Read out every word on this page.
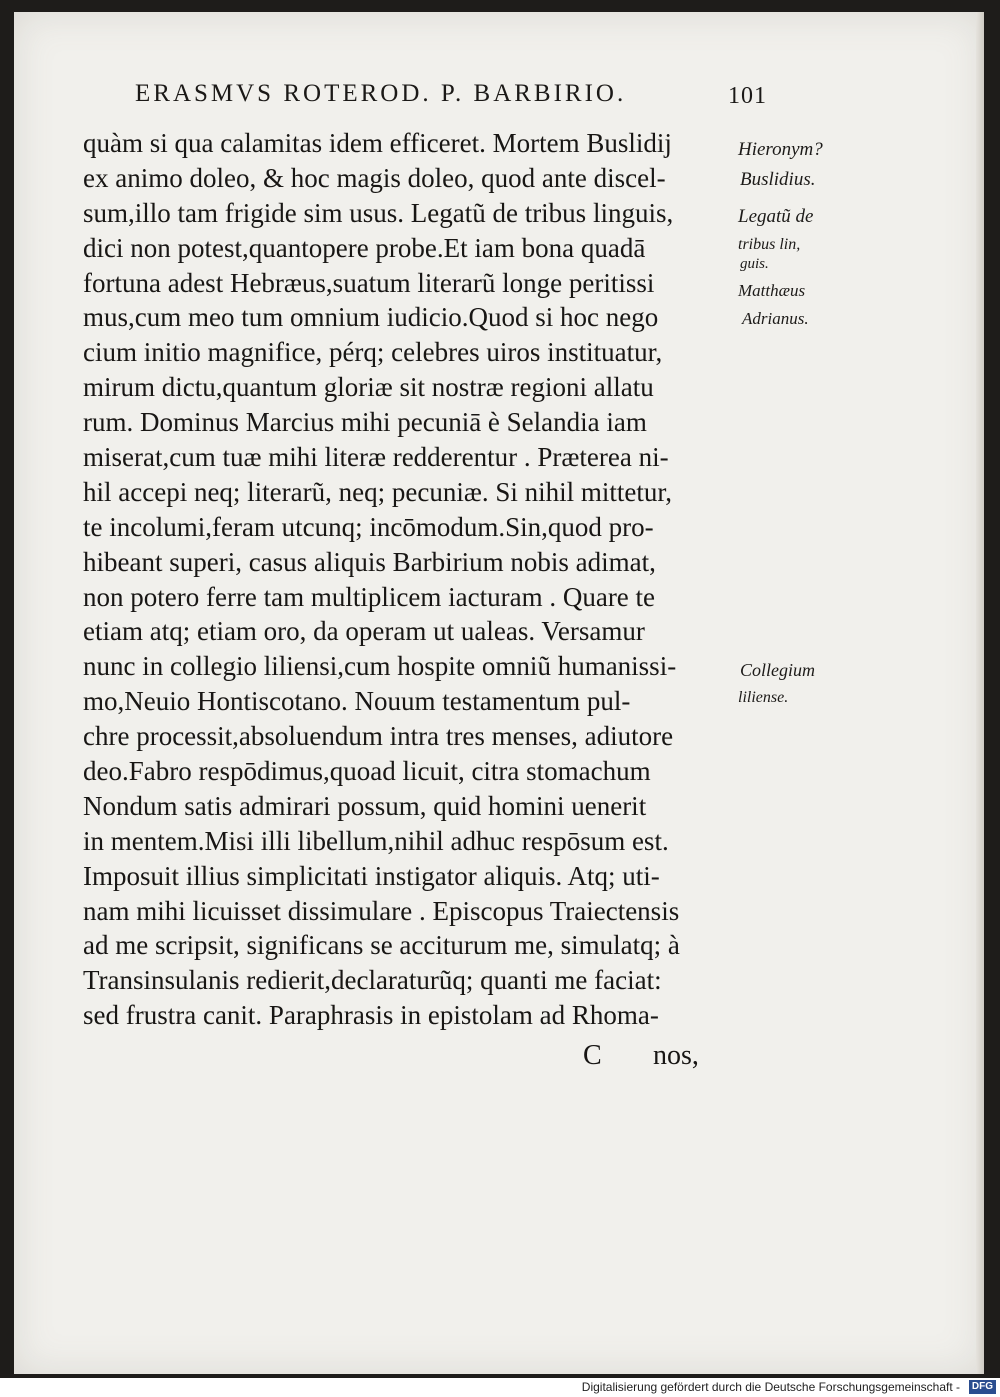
ERASMVS ROTEROD. P. BARBIRIO.	101
quàm si qua calamitas idem efficeret. Mortem Buslidij
ex animo doleo, & hoc magis doleo, quod ante discel-
sum,illo tam frigide sim usus. Legatũ de tribus linguis,
dici non potest,quantopere probe.Et iam bona quadā
fortuna adest Hebræus,suatum literarũ longe peritissi
mus,cum meo tum omnium iudicio.Quod si hoc nego
cium initio magnifice, pérq; celebres uiros instituatur,
mirum dictu,quantum gloriæ sit nostræ regioni allatu
rum. Dominus Marcius mihi pecuniā è Selandia iam
miserat,cum tuæ mihi literæ redderentur . Præterea ni-
hil accepi neq; literarũ, neq; pecuniæ. Si nihil mittetur,
te incolumi,feram utcunq; incōmodum.Sin,quod pro-
hibeant superi, casus aliquis Barbirium nobis adimat,
non potero ferre tam multiplicem iacturam . Quare te
etiam atq; etiam oro, da operam ut ualeas. Versamur
nunc in collegio liliensi,cum hospite omniũ humanissi-
mo,Neuio Hontiscotano. Nouum testamentum pul-
chre processit,absoluendum intra tres menses, adiutore
deo.Fabro respōdimus,quoad licuit, citra stomachum
Nondum satis admirari possum, quid homini uenerit
in mentem.Misi illi libellum,nihil adhuc respōsum est.
Imposuit illius simplicitati instigator aliquis. Atq; uti-
nam mihi licuisset dissimulare . Episcopus Traiectensis
ad me scripsit, significans se acciturum me, simulatq; à
Transinsulanis redierit,declaraturũq; quanti me faciat:
sed frustra canit. Paraphrasis in epistolam ad Rhoma-
Hieronym?
Buslidius.
Legatũ de
tribus lin,
guis.
Matthæus
Adrianus.
Collegium
liliense.
C nos,
Digitalisierung gefördert durch die Deutsche Forschungsgemeinschaft -	DFG
